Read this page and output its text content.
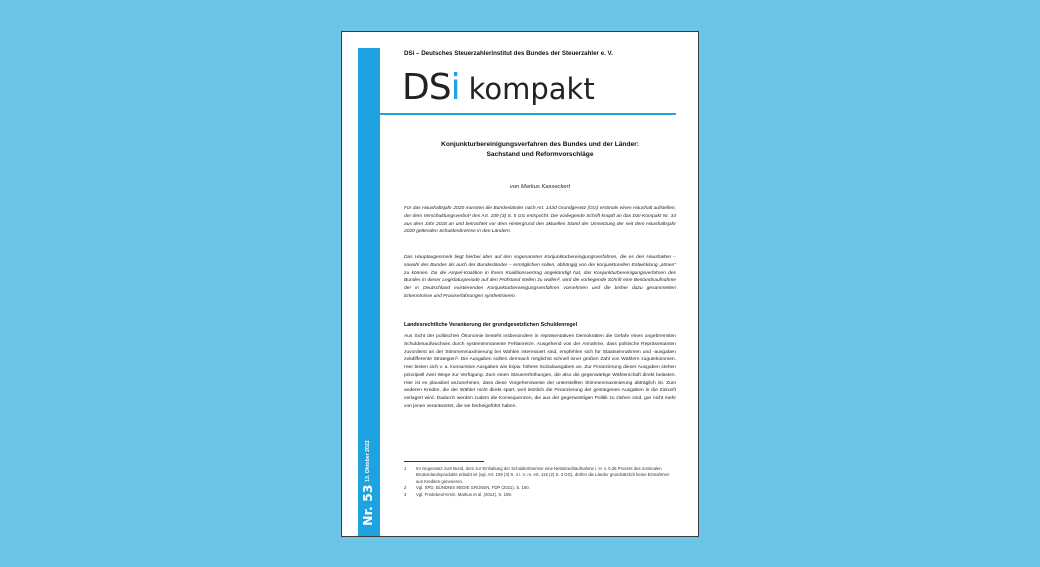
Nr. 53
13. Oktober 2022
DSi – Deutsches Steuerzahlerinstitut des Bundes der Steuerzahler e. V.
DSi kompakt
Konjunkturbereinigungsverfahren des Bundes und der Länder:
Sachstand und Reformvorschläge
von Markus Kasseckert

Für das Haushaltsjahr 2020 mussten die Bundesländer nach Art. 143d Grundgesetz (GG) erstmals einen Haushalt aufstellen, der dem Verschuldungsverbot¹ des Art. 109 (3) S. 5 GG entspricht. Die vorliegende Schrift knüpft an das DSi-Kompakt Nr. 34 aus dem Jahr 2018 an und betrachtet vor dem Hintergrund den aktuellen Stand der Umsetzung der seit dem Haushaltsjahr 2020 geltenden Schuldenbremse in den Ländern.

Das Hauptaugenmerk liegt hierbei aber auf den sogenannten Konjunkturbereinigungsverfahren, die es den Haushalten – sowohl des Bundes als auch der Bundesländer – ermöglichen sollen, abhängig von der konjunkturellen Entwicklung „atmen“ zu können. Da die Ampel-Koalition in ihrem Koalitionsvertrag angekündigt hat, das Konjunkturbereinigungsverfahren des Bundes in dieser Legislaturperiode auf den Prüfstand stellen zu wollen², wird die vorliegende Schrift eine Bestandsaufnahme der in Deutschland existierenden Konjunkturbereinigungsverfahren vornehmen und die bisher dazu gesammelten Erkenntnisse und Praxiserfahrungen synthetisieren.

Landesrechtliche Verankerung der grundgesetzlichen Schuldenregel

Aus Sicht der politischen Ökonomie besteht insbesondere in repräsentativen Demokratien die Gefahr eines ungebremsten Schuldenaufwuchses durch systemimmanente Fehlanreize. Ausgehend von der Annahme, dass politische Repräsentanten zuvorderst an der Stimmenmaximierung bei Wahlen interessiert sind, empfehlen sich für Staatseinnahmen und -ausgaben zeitdifferente Strategien³. Die Ausgaben sollten demnach möglichst schnell einer großen Zahl von Wählern zugutekommen. Hier bieten sich v. a. konsumtive Ausgaben wie bspw. höhere Sozialausgaben an. Zur Finanzierung dieser Ausgaben stehen prinzipiell zwei Wege zur Verfügung. Zum einen Steuererhöhungen, die also die gegenwärtige Wählerschaft direkt belasten. Hier ist es plausibel anzunehmen, dass diese Vorgehensweise der unterstellten Stimmenmaximierung abträglich ist. Zum anderen Kredite, die der Wähler nicht direkt spürt, weil letztlich die Finanzierung der gestiegenen Ausgaben in die Zukunft verlagert wird. Dadurch werden zudem die Konsequenzen, die aus der gegenwärtigen Politik zu ziehen sind, gar nicht mehr von jenen verantwortet, die sie herbeigeführt haben.

1	Im Gegensatz zum Bund, dem zur Einhaltung der Schuldenbremse eine Nettokreditaufnahme i. H. v. 0,35 Prozent des nominalen Bruttoinlandsprodukts erlaubt ist (vgl. Art. 109 (3) S. 4 i. V. m. Art. 115 (2) S. 2 GG), dürfen die Länder grundsätzlich keine Einnahmen aus Krediten generieren.
2	Vgl. SPD, BÜNDNIS 90/DIE GRÜNEN, FDP (2021), S. 160.
3	Vgl. Fredebeul-Krein, Markus et al. (2014), S. 169.
